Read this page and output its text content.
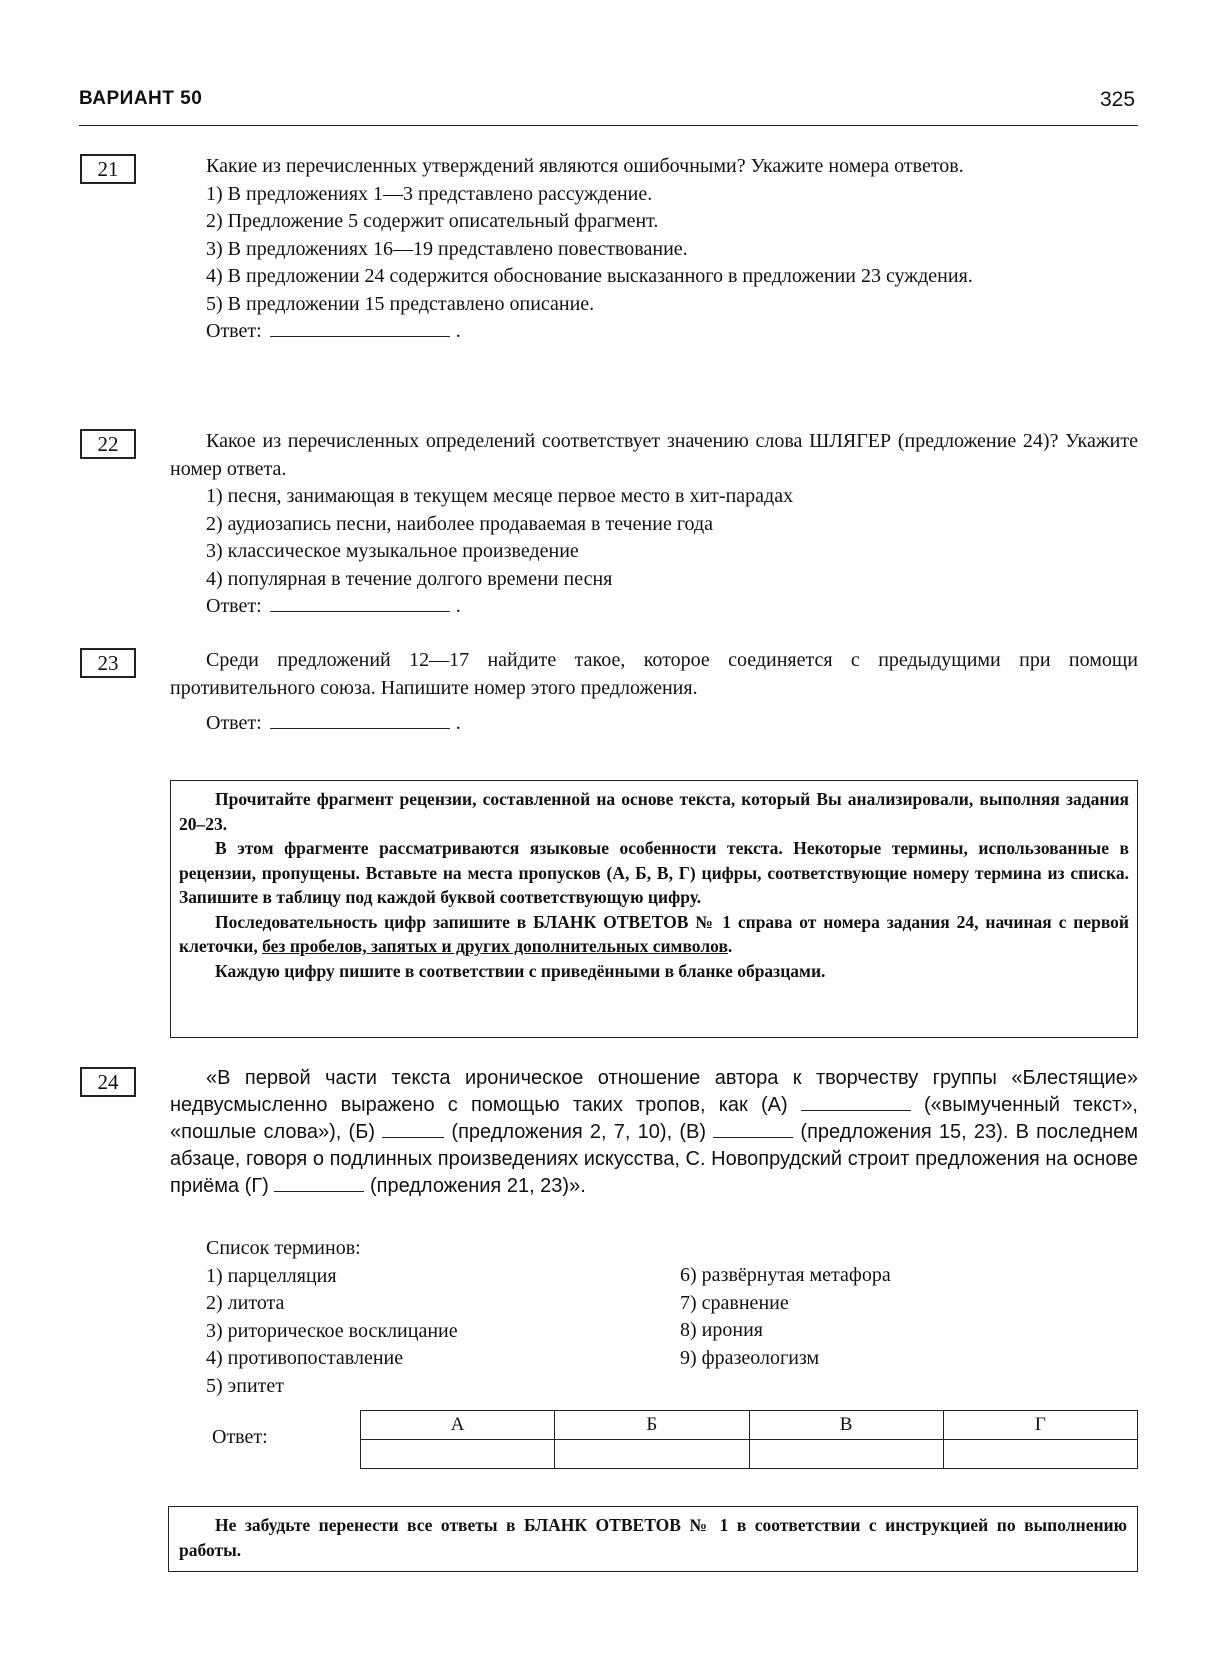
ВАРИАНТ 50	325
21	Какие из перечисленных утверждений являются ошибочными? Укажите номера ответов.

1) В предложениях 1—3 представлено рассуждение.

2) Предложение 5 содержит описательный фрагмент.

3) В предложениях 16—19 представлено повествование.

4) В предложении 24 содержится обоснование высказанного в предложении 23 суждения.

5) В предложении 15 представлено описание.

Ответ:	.

22	Какое из перечисленных определений соответствует значению слова ШЛЯГЕР (предложение 24)? Укажите номер ответа.

1) песня, занимающая в текущем месяце первое место в хит-парадах

2) аудиозапись песни, наиболее продаваемая в течение года

3) классическое музыкальное произведение

4) популярная в течение долгого времени песня

Ответ:	.

23	Среди предложений 12—17 найдите такое, которое соединяется с предыдущими при помощи противительного союза. Напишите номер этого предложения.

Ответ:	.

Прочитайте фрагмент рецензии, составленной на основе текста, который Вы анализировали, выполняя задания 20–23.

В этом фрагменте рассматриваются языковые особенности текста. Некоторые термины, использованные в рецензии, пропущены. Вставьте на места пропусков (А, Б, В, Г) цифры, соответствующие номеру термина из списка. Запишите в таблицу под каждой буквой соответствующую цифру.

Последовательность цифр запишите в БЛАНК ОТВЕТОВ № 1 справа от номера задания 24, начиная с первой клеточки, без пробелов, запятых и других дополнительных символов.

Каждую цифру пишите в соответствии с приведёнными в бланке образцами.

24	«В первой части текста ироническое отношение автора к творчеству группы «Блестящие» недвусмысленно выражено с помощью таких тропов, как (А)	(«вымученный текст», «пошлые слова»), (Б)	(предложения 2, 7, 10), (В)	(предложения 15, 23). В последнем абзаце, говоря о подлинных произведениях искусства, С. Новопрудский строит предложения на основе приёма (Г)	(предложения 21, 23)».

Список терминов:
1) парцелляция
2) литота
3) риторическое восклицание
4) противопоставление
5) эпитет
6) развёрнутая метафора
7) сравнение
8) ирония
9) фразеологизм
Ответ:
А	Б	В	Г

Не забудьте перенести все ответы в БЛАНК ОТВЕТОВ № 1 в соответствии с инструкцией по выполнению работы.
